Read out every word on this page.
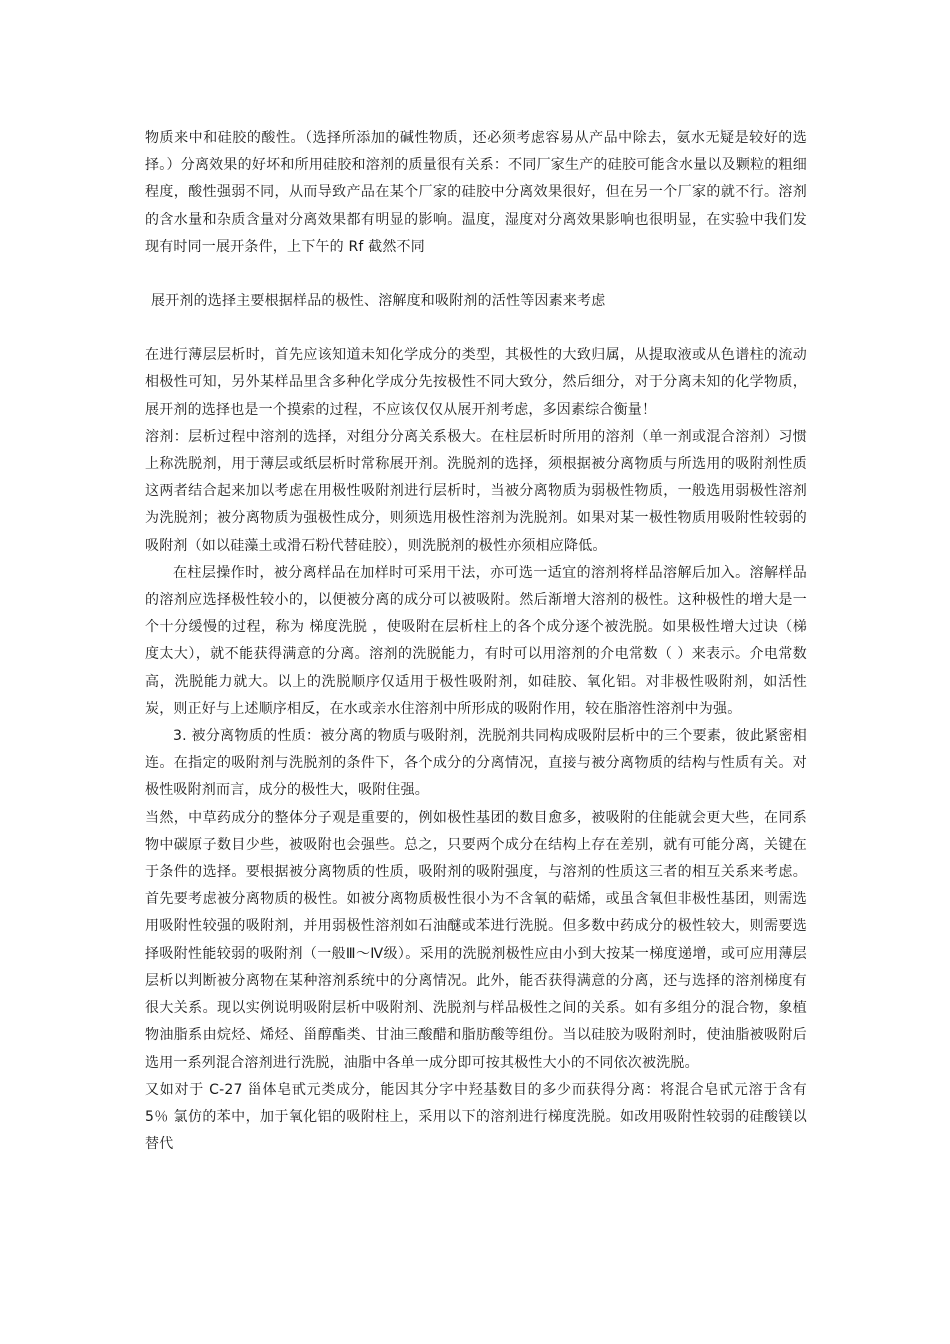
物质来中和硅胶的酸性。（选择所添加的碱性物质，还必须考虑容易从产品中除去，氨水无疑是较好的选择。）分离效果的好坏和所用硅胶和溶剂的质量很有关系：不同厂家生产的硅胶可能含水量以及颗粒的粗细程度，酸性强弱不同，从而导致产品在某个厂家的硅胶中分离效果很好，但在另一个厂家的就不行。溶剂的含水量和杂质含量对分离效果都有明显的影响。温度，湿度对分离效果影响也很明显，在实验中我们发现有时同一展开条件，上下午的 Rf 截然不同

展开剂的选择主要根据样品的极性、溶解度和吸附剂的活性等因素来考虑

在进行薄层层析时，首先应该知道未知化学成分的类型，其极性的大致归属，从提取液或从色谱柱的流动相极性可知，另外某样品里含多种化学成分先按极性不同大致分，然后细分，对于分离未知的化学物质，展开剂的选择也是一个摸索的过程，不应该仅仅从展开剂考虑，多因素综合衡量！

溶剂：层析过程中溶剂的选择，对组分分离关系极大。在柱层析时所用的溶剂（单一剂或混合溶剂）习惯上称洗脱剂，用于薄层或纸层析时常称展开剂。洗脱剂的选择，须根据被分离物质与所选用的吸附剂性质这两者结合起来加以考虑在用极性吸附剂进行层析时，当被分离物质为弱极性物质，一般选用弱极性溶剂为洗脱剂；被分离物质为强极性成分，则须选用极性溶剂为洗脱剂。如果对某一极性物质用吸附性较弱的吸附剂（如以硅藻土或滑石粉代替硅胶），则洗脱剂的极性亦须相应降低。

在柱层操作时，被分离样品在加样时可采用干法，亦可选一适宜的溶剂将样品溶解后加入。溶解样品的溶剂应选择极性较小的，以便被分离的成分可以被吸附。然后渐增大溶剂的极性。这种极性的增大是一个十分缓慢的过程，称为 梯度洗脱 ，使吸附在层析柱上的各个成分逐个被洗脱。如果极性增大过诀（梯度太大），就不能获得满意的分离。溶剂的洗脱能力，有时可以用溶剂的介电常数（ ）来表示。介电常数高，洗脱能力就大。以上的洗脱顺序仅适用于极性吸附剂，如硅胶、氧化铝。对非极性吸附剂，如活性炭，则正好与上述顺序相反，在水或亲水住溶剂中所形成的吸附作用，较在脂溶性溶剂中为强。

3. 被分离物质的性质：被分离的物质与吸附剂，洗脱剂共同构成吸附层析中的三个要素，彼此紧密相连。在指定的吸附剂与洗脱剂的条件下，各个成分的分离情况，直接与被分离物质的结构与性质有关。对极性吸附剂而言，成分的极性大，吸附住强。

当然，中草药成分的整体分子观是重要的，例如极性基团的数目愈多，被吸附的住能就会更大些，在同系物中碳原子数目少些，被吸附也会强些。总之，只要两个成分在结构上存在差别，就有可能分离，关键在于条件的选择。要根据被分离物质的性质，吸附剂的吸附强度，与溶剂的性质这三者的相互关系来考虑。首先要考虑被分离物质的极性。如被分离物质极性很小为不含氧的萜烯，或虽含氧但非极性基团，则需选用吸附性较强的吸附剂，并用弱极性溶剂如石油醚或苯进行洗脱。但多数中药成分的极性较大，则需要选择吸附性能较弱的吸附剂（一般Ⅲ～Ⅳ级）。采用的洗脱剂极性应由小到大按某一梯度递增，或可应用薄层层析以判断被分离物在某种溶剂系统中的分离情况。此外，能否获得满意的分离，还与选择的溶剂梯度有很大关系。现以实例说明吸附层析中吸附剂、洗脱剂与样品极性之间的关系。如有多组分的混合物，象植物油脂系由烷烃、烯烃、甾醇酯类、甘油三酸醋和脂肪酸等组份。当以硅胶为吸附剂时，使油脂被吸附后选用一系列混合溶剂进行洗脱，油脂中各单一成分即可按其极性大小的不同依次被洗脱。

又如对于 C-27 甾体皂甙元类成分，能因其分字中羟基数目的多少而获得分离：将混合皂甙元溶于含有 5％ 氯仿的苯中，加于氧化铝的吸附柱上，采用以下的溶剂进行梯度洗脱。如改用吸附性较弱的硅酸镁以替代
